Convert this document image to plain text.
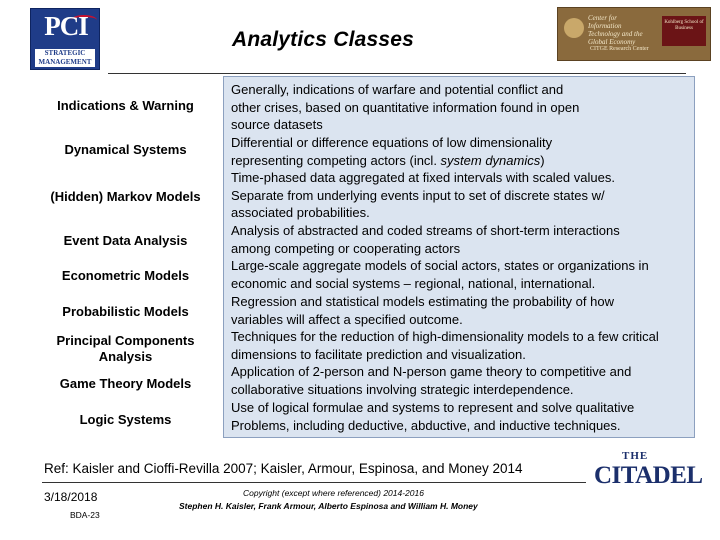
PCI
STRATEGIC
MANAGEMENT
Analytics Classes
Center for Information Technology and the Global Economy
CITGE Research Center
Kohlberg School of Business
Indications & Warning
Dynamical Systems
(Hidden) Markov Models
Event Data Analysis
Econometric Models
Probabilistic Models
Principal Components
Analysis
Game Theory Models
Logic Systems
Generally, indications of warfare and potential conflict and
other crises, based on quantitative information found in open
source datasets
Differential or difference equations of low dimensionality
representing competing actors (incl. system dynamics)
Time-phased data aggregated at fixed intervals with scaled values.
Separate from underlying events input to set of discrete states w/
associated probabilities.
Analysis of abstracted and coded streams of short-term interactions
among competing or cooperating actors
Large-scale aggregate models of social actors, states or organizations in
economic and social systems – regional, national, international.
Regression and statistical models estimating the probability of how
variables will affect a specified outcome.
Techniques for the reduction of high-dimensionality models to a few critical
dimensions to facilitate prediction and visualization.
Application of 2-person and N-person game theory to competitive and
collaborative situations involving strategic interdependence.
Use of logical formulae and systems to represent and solve qualitative
Problems, including deductive, abductive, and inductive techniques.
Ref: Kaisler and Cioffi-Revilla 2007; Kaisler, Armour, Espinosa, and Money 2014
THE
CITADEL
3/18/2018
BDA-23
Copyright (except where referenced) 2014-2016
Stephen H. Kaisler, Frank Armour, Alberto Espinosa and William H. Money
